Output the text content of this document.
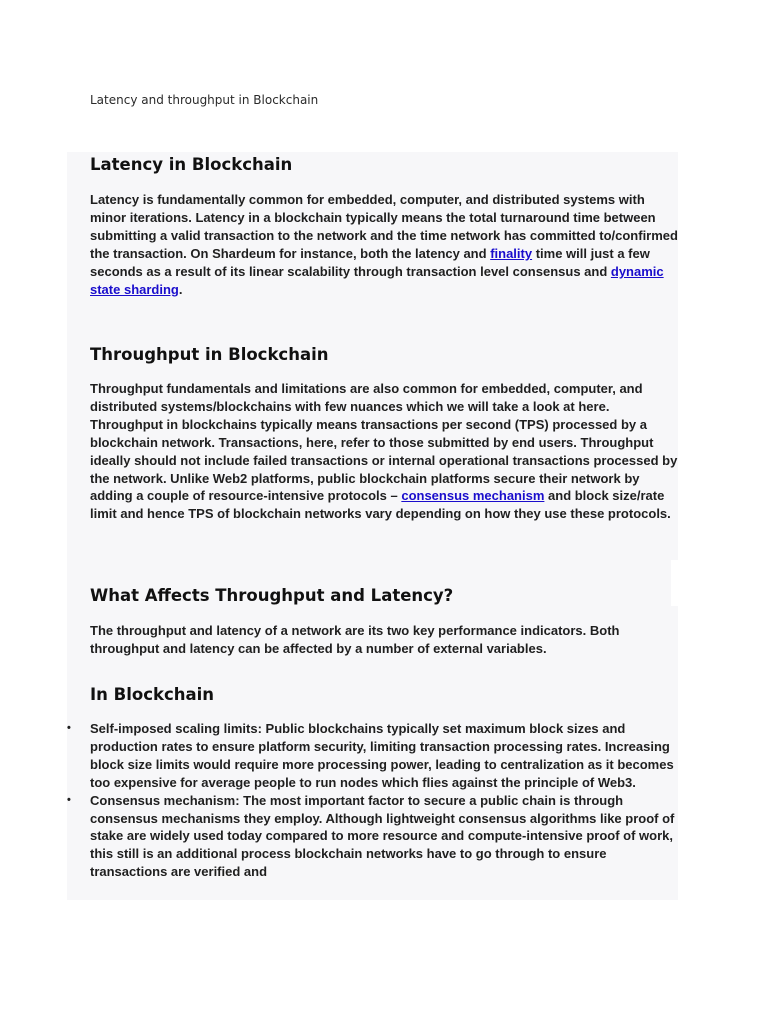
Latency and throughput in Blockchain

Latency in Blockchain

Latency is fundamentally common for embedded, computer, and distributed systems with minor iterations. Latency in a blockchain typically means the total turnaround time between submitting a valid transaction to the network and the time network has committed to/confirmed the transaction. On Shardeum for instance, both the latency and finality time will just a few seconds as a result of its linear scalability through transaction level consensus and dynamic state sharding.

Throughput in Blockchain

Throughput fundamentals and limitations are also common for embedded, computer, and distributed systems/blockchains with few nuances which we will take a look at here. Throughput in blockchains typically means transactions per second (TPS) processed by a blockchain network. Transactions, here, refer to those submitted by end users. Throughput ideally should not include failed transactions or internal operational transactions processed by the network. Unlike Web2 platforms, public blockchain platforms secure their network by adding a couple of resource-intensive protocols – consensus mechanism and block size/rate limit and hence TPS of blockchain networks vary depending on how they use these protocols.

What Affects Throughput and Latency?

The throughput and latency of a network are its two key performance indicators. Both throughput and latency can be affected by a number of external variables.

In Blockchain
• Self-imposed scaling limits: Public blockchains typically set maximum block sizes and production rates to ensure platform security, limiting transaction processing rates. Increasing block size limits would require more processing power, leading to centralization as it becomes too expensive for average people to run nodes which flies against the principle of Web3.
• Consensus mechanism: The most important factor to secure a public chain is through consensus mechanisms they employ. Although lightweight consensus algorithms like proof of stake are widely used today compared to more resource and compute-intensive proof of work, this still is an additional process blockchain networks have to go through to ensure transactions are verified and
